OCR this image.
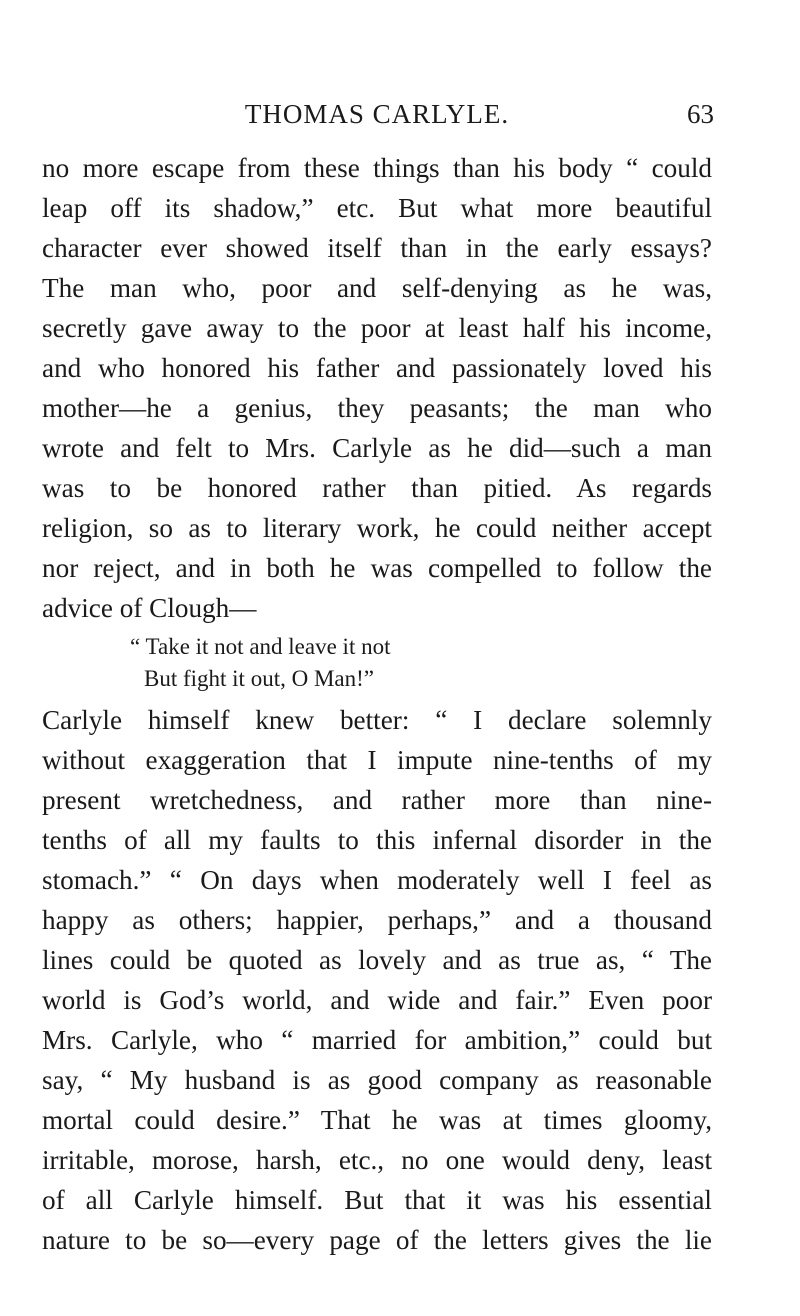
THOMAS CARLYLE.	63
no more escape from these things than his body “ could
leap off its shadow,” etc. But what more beautiful
character ever showed itself than in the early essays?
The man who, poor and self-denying as he was,
secretly gave away to the poor at least half his income,
and who honored his father and passionately loved his
mother—he a genius, they peasants; the man who
wrote and felt to Mrs. Carlyle as he did—such a man
was to be honored rather than pitied. As regards
religion, so as to literary work, he could neither accept
nor reject, and in both he was compelled to follow the
advice of Clough—
“ Take it not and leave it not
But fight it out, O Man!”
Carlyle himself knew better: “ I declare solemnly
without exaggeration that I impute nine-tenths of my
present wretchedness, and rather more than nine-
tenths of all my faults to this infernal disorder in the
stomach.” “ On days when moderately well I feel as
happy as others; happier, perhaps,” and a thousand
lines could be quoted as lovely and as true as, “ The
world is God’s world, and wide and fair.” Even poor
Mrs. Carlyle, who “ married for ambition,” could but
say, “ My husband is as good company as reasonable
mortal could desire.” That he was at times gloomy,
irritable, morose, harsh, etc., no one would deny, least
of all Carlyle himself. But that it was his essential
nature to be so—every page of the letters gives the lie
